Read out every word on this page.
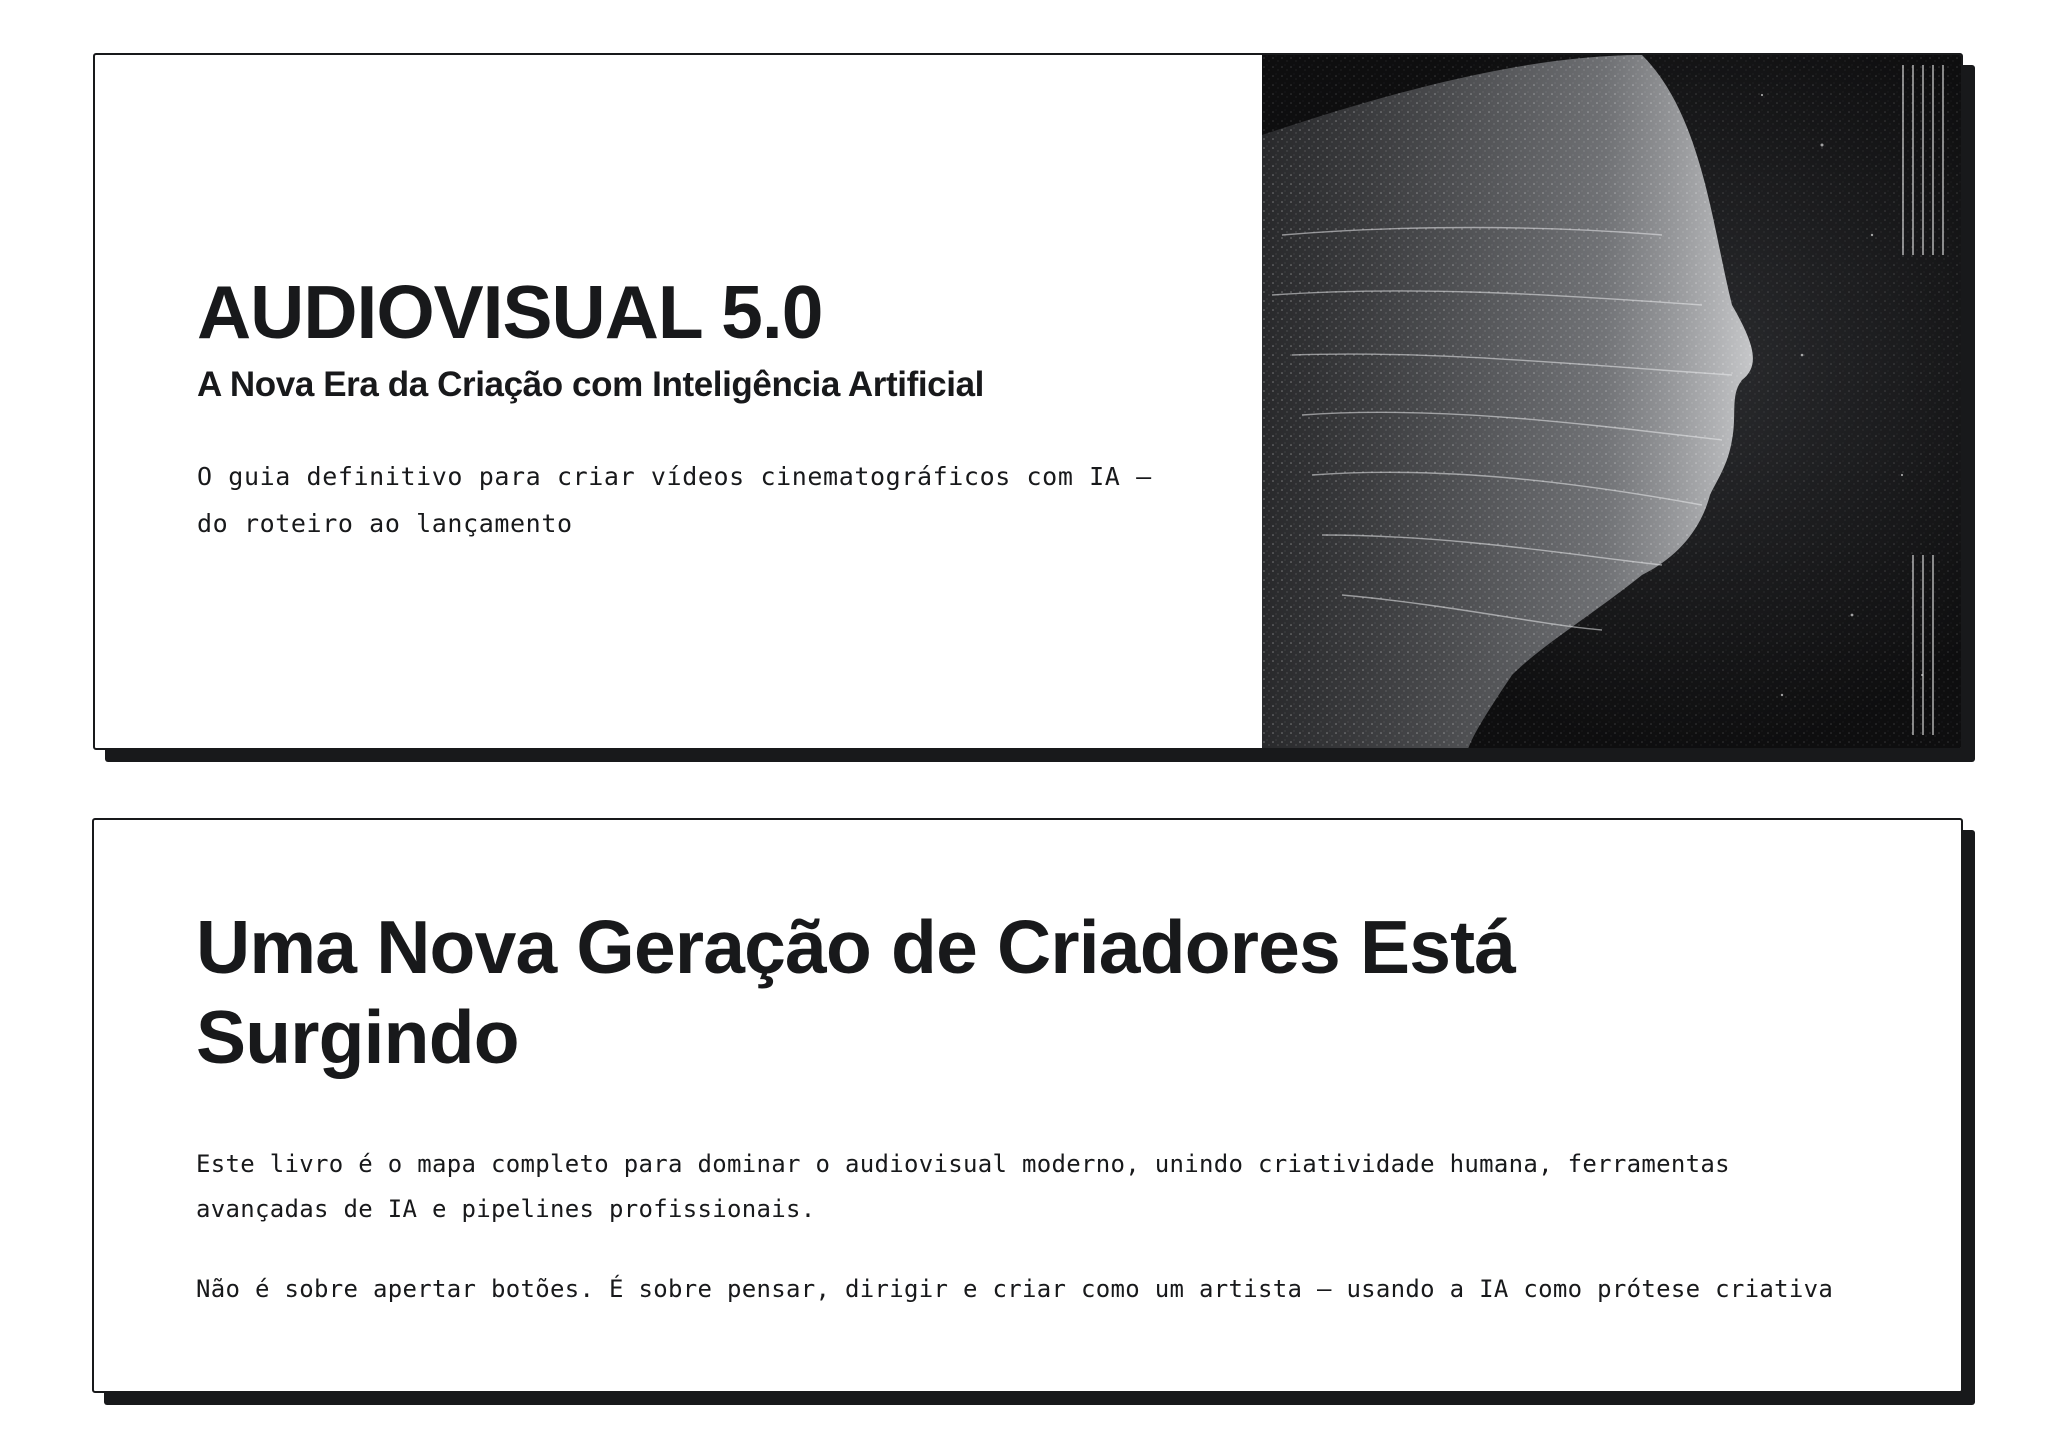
AUDIOVISUAL 5.0
A Nova Era da Criação com Inteligência Artificial

O guia definitivo para criar vídeos cinematográficos com IA — do roteiro ao lançamento

Uma Nova Geração de Criadores Está Surgindo

Este livro é o mapa completo para dominar o audiovisual moderno, unindo criatividade humana, ferramentas avançadas de IA e pipelines profissionais.

Não é sobre apertar botões. É sobre pensar, dirigir e criar como um artista — usando a IA como prótese criativa
